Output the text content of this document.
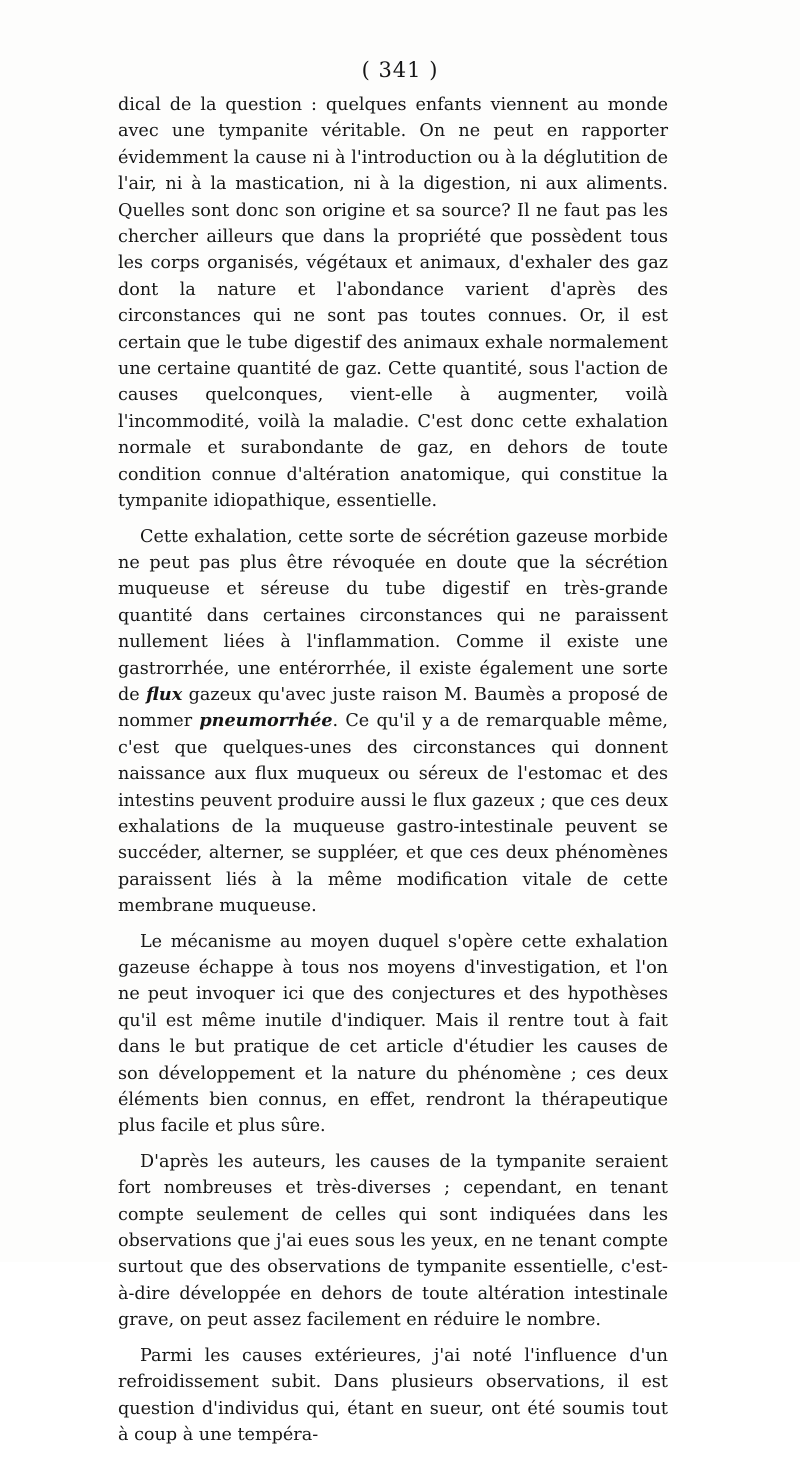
( 341 )

dical de la question : quelques enfants viennent au monde avec une tympanite véritable. On ne peut en rapporter évidemment la cause ni à l'introduction ou à la déglutition de l'air, ni à la mastication, ni à la digestion, ni aux aliments. Quelles sont donc son origine et sa source? Il ne faut pas les chercher ailleurs que dans la propriété que possèdent tous les corps organisés, végétaux et animaux, d'exhaler des gaz dont la nature et l'abondance varient d'après des circonstances qui ne sont pas toutes connues. Or, il est certain que le tube digestif des animaux exhale normalement une certaine quantité de gaz. Cette quantité, sous l'action de causes quelconques, vient-elle à augmenter, voilà l'incommodité, voilà la maladie. C'est donc cette exhalation normale et surabondante de gaz, en dehors de toute condition connue d'altération anatomique, qui constitue la tympanite idiopathique, essentielle.

Cette exhalation, cette sorte de sécrétion gazeuse morbide ne peut pas plus être révoquée en doute que la sécrétion muqueuse et séreuse du tube digestif en très-grande quantité dans certaines circonstances qui ne paraissent nullement liées à l'inflammation. Comme il existe une gastrorrhée, une entérorrhée, il existe également une sorte de flux gazeux qu'avec juste raison M. Baumès a proposé de nommer pneumorrhée. Ce qu'il y a de remarquable même, c'est que quelques-unes des circonstances qui donnent naissance aux flux muqueux ou séreux de l'estomac et des intestins peuvent produire aussi le flux gazeux ; que ces deux exhalations de la muqueuse gastro-intestinale peuvent se succéder, alterner, se suppléer, et que ces deux phénomènes paraissent liés à la même modification vitale de cette membrane muqueuse.

Le mécanisme au moyen duquel s'opère cette exhalation gazeuse échappe à tous nos moyens d'investigation, et l'on ne peut invoquer ici que des conjectures et des hypothèses qu'il est même inutile d'indiquer. Mais il rentre tout à fait dans le but pratique de cet article d'étudier les causes de son développement et la nature du phénomène ; ces deux éléments bien connus, en effet, rendront la thérapeutique plus facile et plus sûre.

D'après les auteurs, les causes de la tympanite seraient fort nombreuses et très-diverses ; cependant, en tenant compte seulement de celles qui sont indiquées dans les observations que j'ai eues sous les yeux, en ne tenant compte surtout que des observations de tympanite essentielle, c'est-à-dire développée en dehors de toute altération intestinale grave, on peut assez facilement en réduire le nombre.

Parmi les causes extérieures, j'ai noté l'influence d'un refroidissement subit. Dans plusieurs observations, il est question d'individus qui, étant en sueur, ont été soumis tout à coup à une tempéra-
